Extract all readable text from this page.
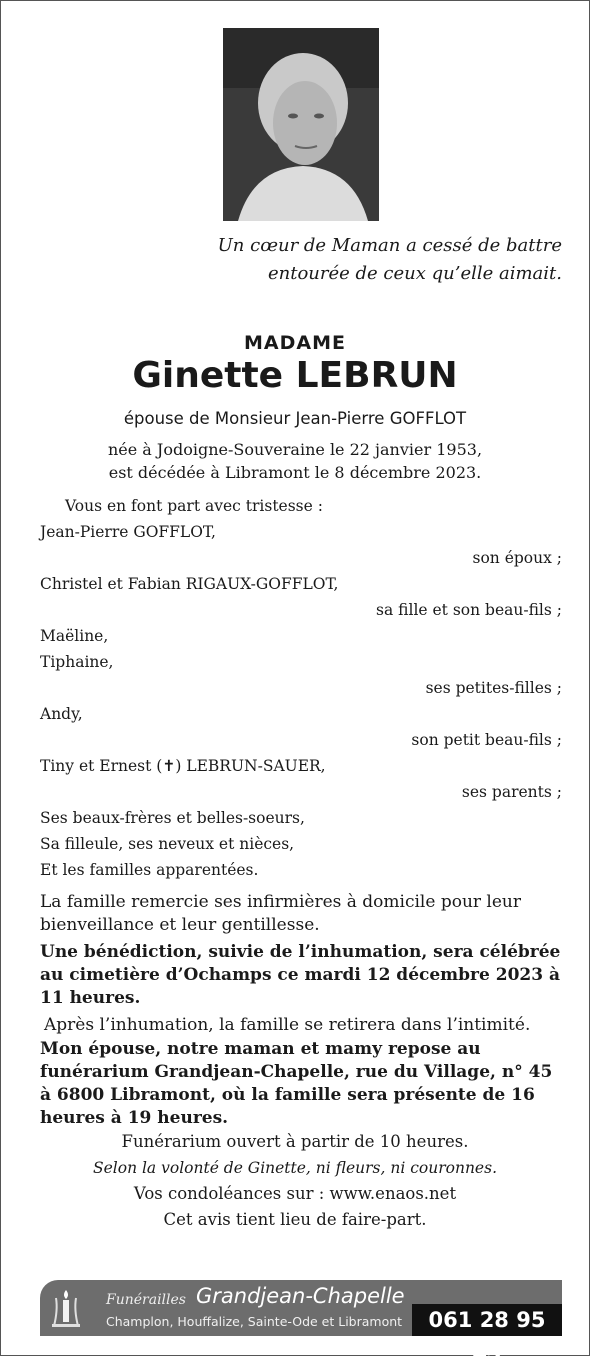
Un cœur de Maman a cessé de battre
entourée de ceux qu’elle aimait.
MADAME
Ginette LEBRUN
épouse de Monsieur Jean-Pierre GOFFLOT
née à Jodoigne-Souveraine le 22 janvier 1953,
est décédée à Libramont le 8 décembre 2023.
Vous en font part avec tristesse :
Jean-Pierre GOFFLOT,
son époux ;
Christel et Fabian RIGAUX-GOFFLOT,
sa fille et son beau-fils ;
Maëline,
Tiphaine,
ses petites-filles ;
Andy,
son petit beau-fils ;
Tiny et Ernest (✝) LEBRUN-SAUER,
ses parents ;
Ses beaux-frères et belles-soeurs,
Sa filleule, ses neveux et nièces,
Et les familles apparentées.
La famille remercie ses infirmières à domicile pour leur bienveillance et leur gentillesse.
Une bénédiction, suivie de l’inhumation, sera célébrée au cimetière d’Ochamps ce mardi 12 décembre 2023 à 11 heures.
Après l’inhumation, la famille se retirera dans l’intimité.
Mon épouse, notre maman et mamy repose au funérarium Grandjean-Chapelle, rue du Village, n° 45 à 6800 Libramont, où la famille sera présente de 16 heures à 19 heures.
Funérarium ouvert à partir de 10 heures.
Selon la volonté de Ginette, ni fleurs, ni couronnes.
Vos condoléances sur : www.enaos.net
Cet avis tient lieu de faire-part.
Funérailles Grandjean-Chapelle
Champlon, Houffalize, Sainte-Ode et Libramont	061 28 95 43
